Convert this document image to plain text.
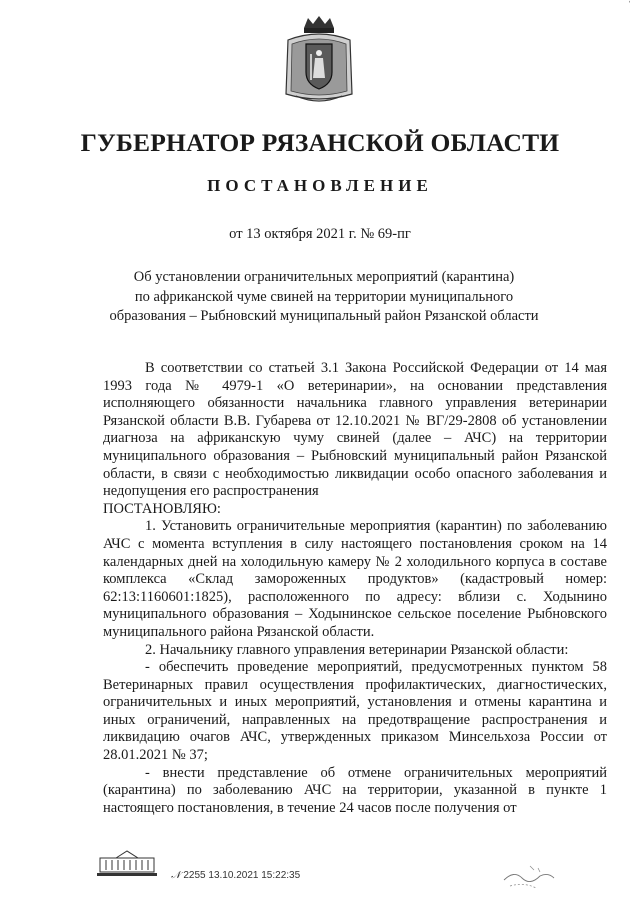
ˈ
ГУБЕРНАТОР РЯЗАНСКОЙ ОБЛАСТИ
ПОСТАНОВЛЕНИЕ
от 13 октября 2021 г. № 69-пг
Об установлении ограничительных мероприятий (карантина)
по африканской чуме свиней на территории муниципального
образования – Рыбновский муниципальный район Рязанской области

В соответствии со статьей 3.1 Закона Российской Федерации от 14 мая 1993 года № 4979-1 «О ветеринарии», на основании представления исполняющего обязанности начальника главного управления ветеринарии Рязанской области В.В. Губарева от 12.10.2021 № ВГ/29-2808 об установлении диагноза на африканскую чуму свиней (далее – АЧС) на территории муниципального образования – Рыбновский муниципальный район Рязанской области, в связи с необходимостью ликвидации особо опасного заболевания и недопущения его распространения

ПОСТАНОВЛЯЮ:

1. Установить ограничительные мероприятия (карантин) по заболеванию АЧС с момента вступления в силу настоящего постановления сроком на 14 календарных дней на холодильную камеру № 2 холодильного корпуса в составе комплекса «Склад замороженных продуктов» (кадастровый номер: 62:13:1160601:1825), расположенного по адресу: вблизи с. Ходынино муниципального образования – Ходынинское сельское поселение Рыбновского муниципального района Рязанской области.

2. Начальнику главного управления ветеринарии Рязанской области:

- обеспечить проведение мероприятий, предусмотренных пунктом 58 Ветеринарных правил осуществления профилактических, диагностических, ограничительных и иных мероприятий, установления и отмены карантина и иных ограничений, направленных на предотвращение распространения и ликвидацию очагов АЧС, утвержденных приказом Минсельхоза России от 28.01.2021 № 37;

- внести представление об отмене ограничительных мероприятий (карантина) по заболеванию АЧС на территории, указанной в пункте 1 настоящего постановления, в течение 24 часов после получения от

𝒩 2255 13.10.2021 15:22:35
